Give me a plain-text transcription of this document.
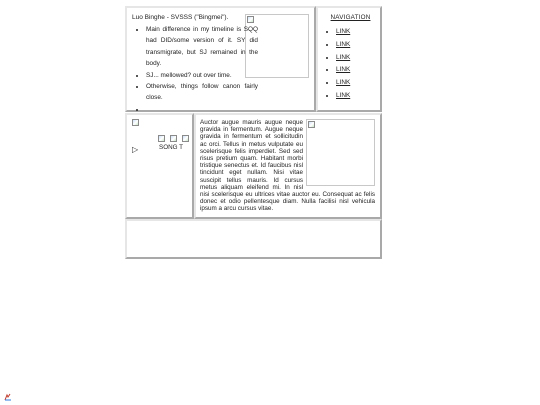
Luo Binghe - SVSSS ("Bingmei").
• Main difference in my timeline is SQQ had DID/some version of it. SY did transmigrate, but SJ remained in the body.
• SJ... mellowed? out over time.
• Otherwise, things follow canon fairly close.
•
NAVIGATION
• LINK
• LINK
• LINK
• LINK
• LINK
• LINK
▷	SONG T
Auctor augue mauris augue neque gravida in fermentum. Augue neque gravida in fermentum et sollicitudin ac orci. Tellus in metus vulputate eu scelerisque felis imperdiet. Sed sed risus pretium quam. Habitant morbi tristique senectus et. Id faucibus nisl tincidunt eget nullam. Nisi vitae suscipit tellus mauris. Id cursus metus aliquam eleifend mi. In nisl nisi scelerisque eu ultrices vitae auctor eu. Consequat ac felis donec et odio pellentesque diam. Nulla facilisi nisl vehicula ipsum a arcu cursus vitae.
